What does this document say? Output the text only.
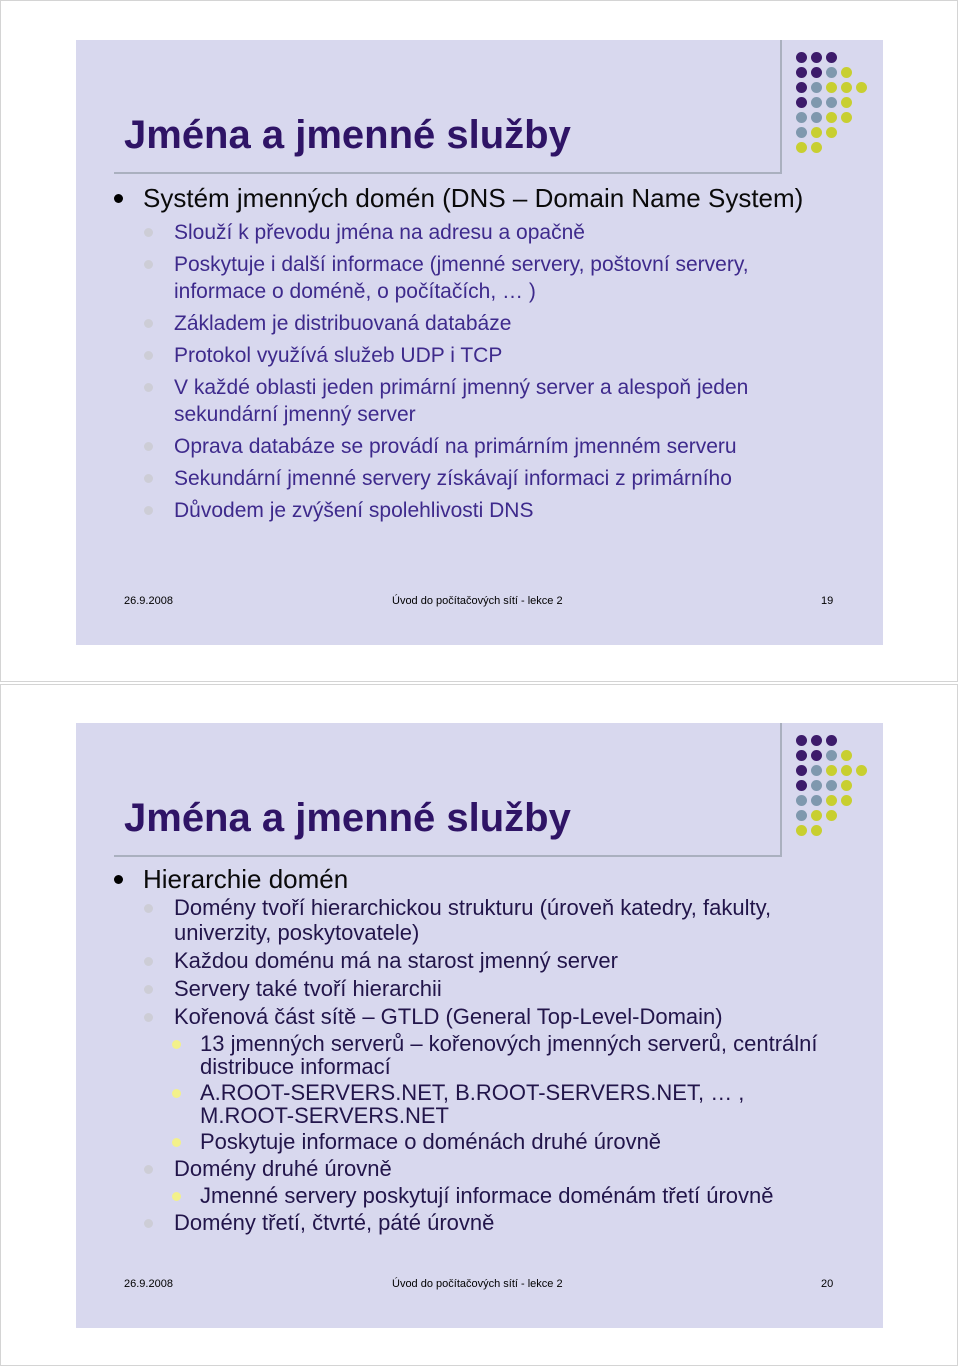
Jména a jmenné služby
Systém jmenných domén (DNS – Domain Name System)
Slouží k převodu jména na adresu a opačně
Poskytuje i další informace (jmenné servery, poštovní servery, informace o doméně, o počítačích, … )
Základem je distribuovaná databáze
Protokol využívá služeb UDP i TCP
V každé oblasti jeden primární jmenný server a alespoň jeden sekundární jmenný server
Oprava databáze se provádí na primárním jmenném serveru
Sekundární jmenné servery získávají informaci z primárního
Důvodem je zvýšení spolehlivosti DNS
26.9.2008	Úvod do počítačových sítí - lekce 2	19
Jména a jmenné služby
Hierarchie domén
Domény tvoří hierarchickou strukturu (úroveň katedry, fakulty, univerzity, poskytovatele)
Každou doménu má na starost jmenný server
Servery také tvoří hierarchii
Kořenová část sítě – GTLD (General Top-Level-Domain)
13 jmenných serverů – kořenových jmenných serverů, centrální distribuce informací
A.ROOT-SERVERS.NET, B.ROOT-SERVERS.NET, … , M.ROOT-SERVERS.NET
Poskytuje informace o doménách druhé úrovně
Domény druhé úrovně
Jmenné servery poskytují informace doménám třetí úrovně
Domény třetí, čtvrté, páté úrovně
26.9.2008	Úvod do počítačových sítí - lekce 2	20
